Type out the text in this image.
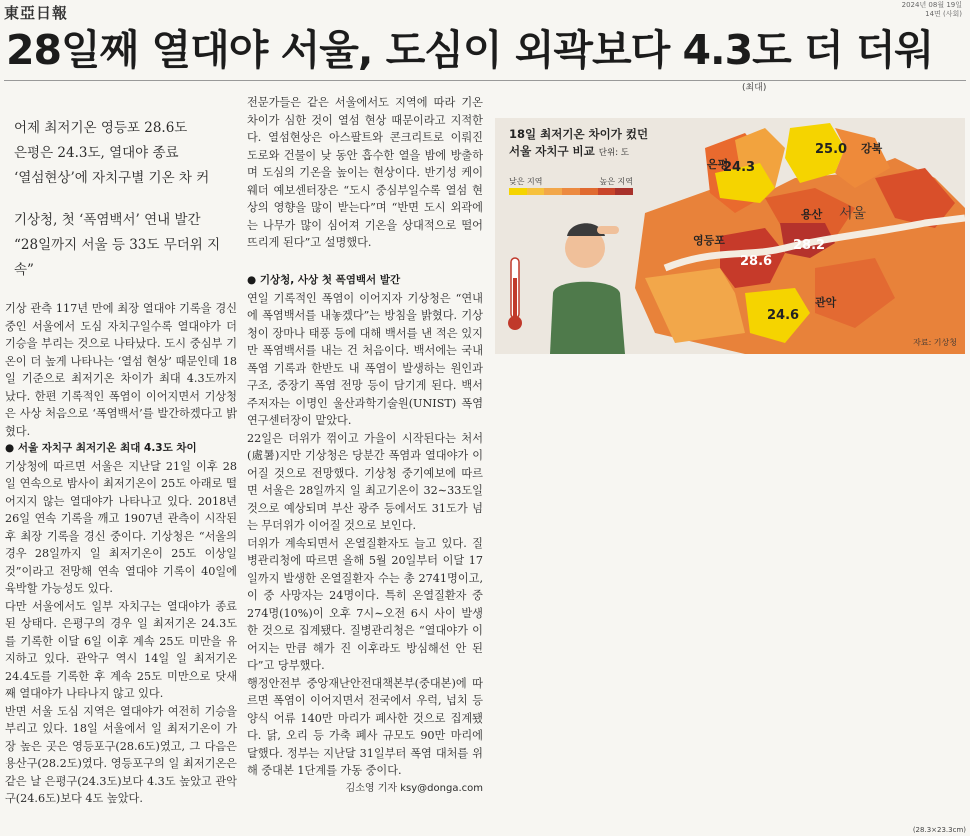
東亞日報	2024년 08월 19일
14면 (사회)
28일째 열대야 서울, 도심이 외곽보다 4.3도 더 더워
(최대)
어제 최저기온 영등포 28.6도
은평은 24.3도, 열대야 종료
‘열섬현상’에 자치구별 기온 차 커
기상청, 첫 ‘폭염백서’ 연내 발간
“28일까지 서울 등 33도 무더위 지속”

기상 관측 117년 만에 최장 열대야 기록을 경신 중인 서울에서 도심 자치구일수록 열대야가 더 기승을 부리는 것으로 나타났다. 도시 중심부 기온이 더 높게 나타나는 ‘열섬 현상’ 때문인데 18일 기준으로 최저기온 차이가 최대 4.3도까지 났다. 한편 기록적인 폭염이 이어지면서 기상청은 사상 처음으로 ‘폭염백서’를 발간하겠다고 밝혔다.

● 서울 자치구 최저기온 최대 4.3도 차이

기상청에 따르면 서울은 지난달 21일 이후 28일 연속으로 밤사이 최저기온이 25도 아래로 떨어지지 않는 열대야가 나타나고 있다. 2018년 26일 연속 기록을 깨고 1907년 관측이 시작된 후 최장 기록을 경신 중이다. 기상청은 “서울의 경우 28일까지 일 최저기온이 25도 이상일 것”이라고 전망해 연속 열대야 기록이 40일에 육박할 가능성도 있다.

다만 서울에서도 일부 자치구는 열대야가 종료된 상태다. 은평구의 경우 일 최저기온 24.3도를 기록한 이달 6일 이후 계속 25도 미만을 유지하고 있다. 관악구 역시 14일 일 최저기온 24.4도를 기록한 후 계속 25도 미만으로 닷새째 열대야가 나타나지 않고 있다.

반면 서울 도심 지역은 열대야가 여전히 기승을 부리고 있다. 18일 서울에서 일 최저기온이 가장 높은 곳은 영등포구(28.6도)였고, 그 다음은 용산구(28.2도)였다. 영등포구의 일 최저기온은 같은 날 은평구(24.3도)보다 4.3도 높았고 관악구(24.6도)보다 4도 높았다.

전문가들은 같은 서울에서도 지역에 따라 기온 차이가 심한 것이 열섬 현상 때문이라고 지적한다. 열섬현상은 아스팔트와 콘크리트로 이뤄진 도로와 건물이 낮 동안 흡수한 열을 밤에 방출하며 도심의 기온을 높이는 현상이다. 반기성 케이웨더 예보센터장은 “도시 중심부일수록 열섬 현상의 영향을 많이 받는다”며 “반면 도시 외곽에는 나무가 많이 심어져 기온을 상대적으로 떨어뜨리게 된다”고 설명했다.

● 기상청, 사상 첫 폭염백서 발간

연일 기록적인 폭염이 이어지자 기상청은 “연내에 폭염백서를 내놓겠다”는 방침을 밝혔다. 기상청이 장마나 태풍 등에 대해 백서를 낸 적은 있지만 폭염백서를 내는 건 처음이다. 백서에는 국내 폭염 기록과 한반도 내 폭염이 발생하는 원인과 구조, 중장기 폭염 전망 등이 담기게 된다. 백서 주저자는 이명인 울산과학기술원(UNIST) 폭염연구센터장이 맡았다.

22일은 더위가 꺾이고 가을이 시작된다는 처서(處暑)지만 기상청은 당분간 폭염과 열대야가 이어질 것으로 전망했다. 기상청 중기예보에 따르면 서울은 28일까지 일 최고기온이 32∼33도일 것으로 예상되며 부산 광주 등에서도 31도가 넘는 무더위가 이어질 것으로 보인다.

더위가 계속되면서 온열질환자도 늘고 있다. 질병관리청에 따르면 올해 5월 20일부터 이달 17일까지 발생한 온열질환자 수는 총 2741명이고, 이 중 사망자는 24명이다. 특히 온열질환자 중 274명(10%)이 오후 7시∼오전 6시 사이 발생한 것으로 집계됐다. 질병관리청은 “열대야가 이어지는 만큼 해가 진 이후라도 방심해선 안 된다”고 당부했다.

행정안전부 중앙재난안전대책본부(중대본)에 따르면 폭염이 이어지면서 전국에서 우럭, 넙치 등 양식 어류 140만 마리가 폐사한 것으로 집계됐다. 닭, 오리 등 가축 폐사 규모도 90만 마리에 달했다. 정부는 지난달 31일부터 폭염 대처를 위해 중대본 1단계를 가동 중이다.

김소영 기자 ksy@donga.com

18일 최저기온 차이가 컸던
서울 자치구 비교 단위: 도
낮은 지역	높은 지역
서울
은평
24.3
강북
25.0
용산
28.2
영등포
28.6
관악
24.6
자료: 기상청
(28.3×23.3cm)
